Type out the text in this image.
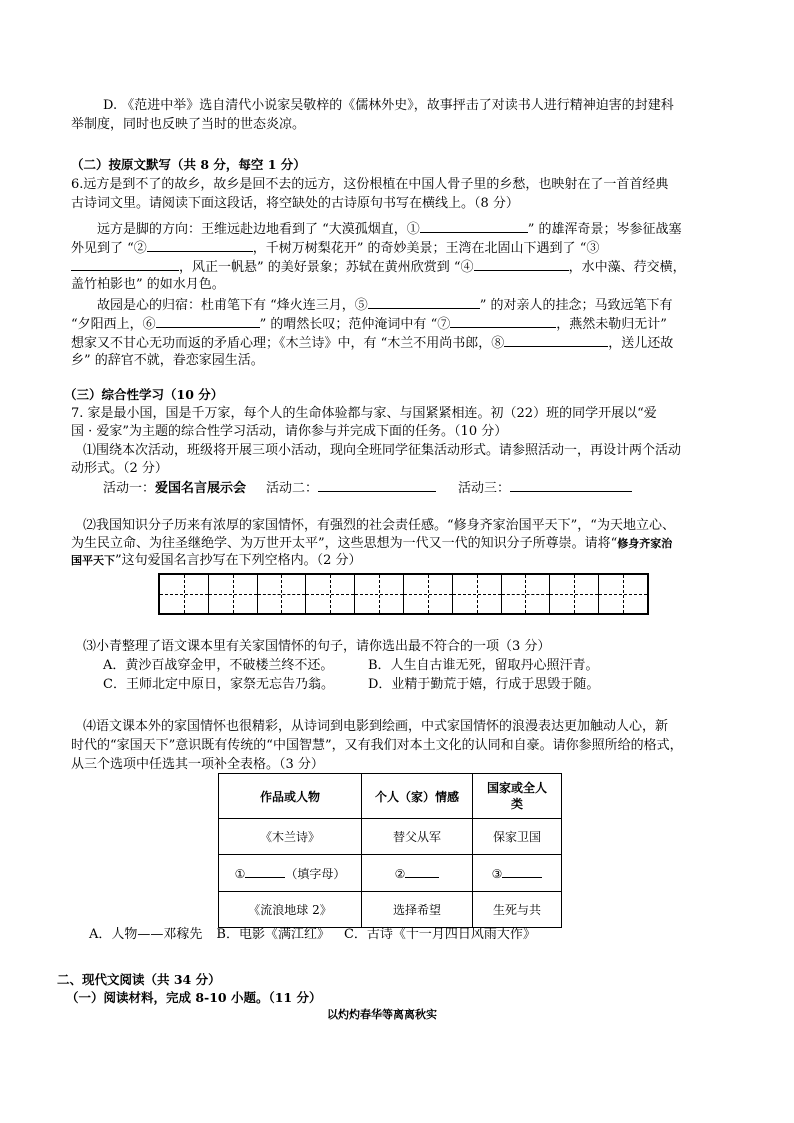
D. 《范进中举》选自清代小说家吴敬梓的《儒林外史》，故事抨击了对读书人进行精神迫害的封建科
举制度，同时也反映了当时的世态炎凉。
（二）按原文默写（共 8 分，每空 1 分）
6.远方是到不了的故乡，故乡是回不去的远方，这份根植在中国人骨子里的乡愁，也映射在了一首首经典
古诗词文里。请阅读下面这段话，将空缺处的古诗原句书写在横线上。（8 分）
远方是脚的方向：王维远赴边地看到了 “大漠孤烟直，①	” 的雄浑奇景；岑参征战塞
外见到了 “②	，千树万树梨花开” 的奇妙美景；王湾在北固山下遇到了 “③
，风正一帆悬” 的美好景象；苏轼在黄州欣赏到 “④	，水中藻、荇交横，
盖竹柏影也” 的如水月色。
故园是心的归宿：杜甫笔下有 “烽火连三月，⑤	” 的对亲人的挂念；马致远笔下有
“夕阳西上，⑥	” 的喟然长叹；范仲淹词中有 “⑦	，燕然未勒归无计”
想家又不甘心无功而返的矛盾心理；《木兰诗》中，有 “木兰不用尚书郎，⑧	，送儿还故
乡” 的辞官不就，眷恋家园生活。
（三）综合性学习（10 分）
7. 家是最小国，国是千万家，每个人的生命体验都与家、与国紧紧相连。初（22）班的同学开展以“爱
国 · 爱家”为主题的综合性学习活动，请你参与并完成下面的任务。（10 分）
⑴围绕本次活动，班级将开展三项小活动，现向全班同学征集活动形式。请参照活动一，再设计两个活动
动形式。（2 分）
活动一：爱国名言展示会 活动二：	活动三：
⑵我国知识分子历来有浓厚的家国情怀，有强烈的社会责任感。“修身齐家治国平天下”，“为天地立心、
为生民立命、为往圣继绝学、为万世开太平”，这些思想为一代又一代的知识分子所尊崇。请将“修身齐家治
国平天下”这句爱国名言抄写在下列空格内。（2 分）
⑶小青整理了语文课本里有关家国情怀的句子，请你选出最不符合的一项（3 分）
A．黄沙百战穿金甲，不破楼兰终不还。	B．人生自古谁无死，留取丹心照汗青。
C．王师北定中原日，家祭无忘告乃翁。	D．业精于勤荒于嬉，行成于思毁于随。
⑷语文课本外的家国情怀也很精彩，从诗词到电影到绘画，中式家国情怀的浪漫表达更加触动人心，新
时代的“家国天下”意识既有传统的“中国智慧”，又有我们对本土文化的认同和自豪。请你参照所给的格式，
从三个选项中任选其一项补全表格。（3 分）
作品或人物	个人（家）情感	国家或全人类

《木兰诗》	替父从军	保家卫国
① （填字母）	②	③
《流浪地球 2》	选择希望	生死与共
A．人物——邓稼先 B．电影《满江红》 C．古诗《十一月四日风雨大作》
二、现代文阅读（共 34 分）
（一）阅读材料，完成 8-10 小题。（11 分）
以灼灼春华等离离秋实
